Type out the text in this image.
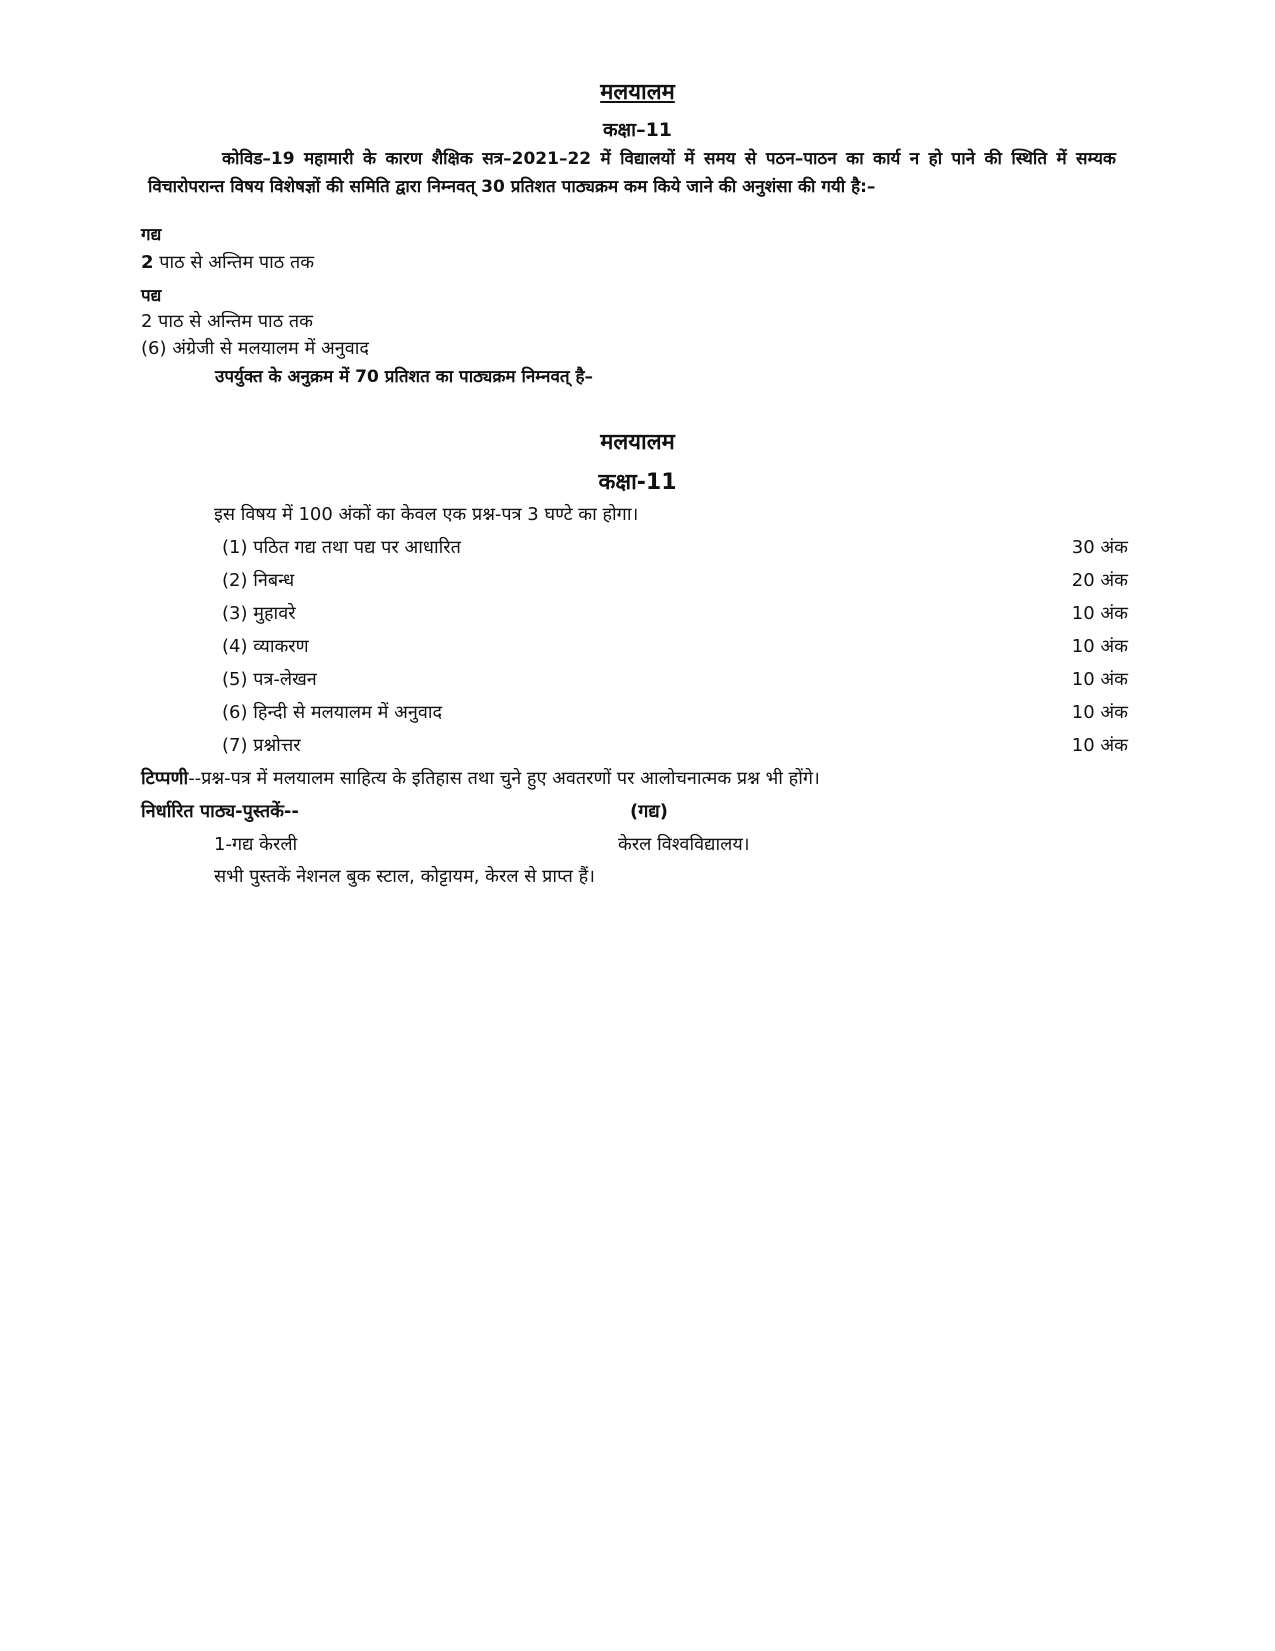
मलयालम
कक्षा–11
कोविड–19 महामारी के कारण शैक्षिक सत्र–2021–22 में विद्यालयों में समय से पठन–पाठन का कार्य न हो पाने की स्थिति में सम्यक विचारोपरान्त विषय विशेषज्ञों की समिति द्वारा निम्नवत् 30 प्रतिशत पाठ्यक्रम कम किये जाने की अनुशंसा की गयी है:–
गद्य
2 पाठ से अन्तिम पाठ तक
पद्य
2 पाठ से अन्तिम पाठ तक
(6) अंग्रेजी से मलयालम में अनुवाद
उपर्युक्त के अनुक्रम में 70 प्रतिशत का पाठ्यक्रम निम्नवत् है–
मलयालम
कक्षा-11
इस विषय में 100 अंकों का केवल एक प्रश्न-पत्र 3 घण्टे का होगा।
(1) पठित गद्य तथा पद्य पर आधारित	30 अंक
(2) निबन्ध	20 अंक
(3) मुहावरे	10 अंक
(4) व्याकरण	10 अंक
(5) पत्र-लेखन	10 अंक
(6) हिन्दी से मलयालम में अनुवाद	10 अंक
(7) प्रश्नोत्तर	10 अंक
टिप्पणी--प्रश्न-पत्र में मलयालम साहित्य के इतिहास तथा चुने हुए अवतरणों पर आलोचनात्मक प्रश्न भी होंगे।
निर्धारित पाठ्य-पुस्तकें--	(गद्य)
1-गद्य केरली	केरल विश्वविद्यालय।
सभी पुस्तकें नेशनल बुक स्टाल, कोट्टायम, केरल से प्राप्त हैं।
